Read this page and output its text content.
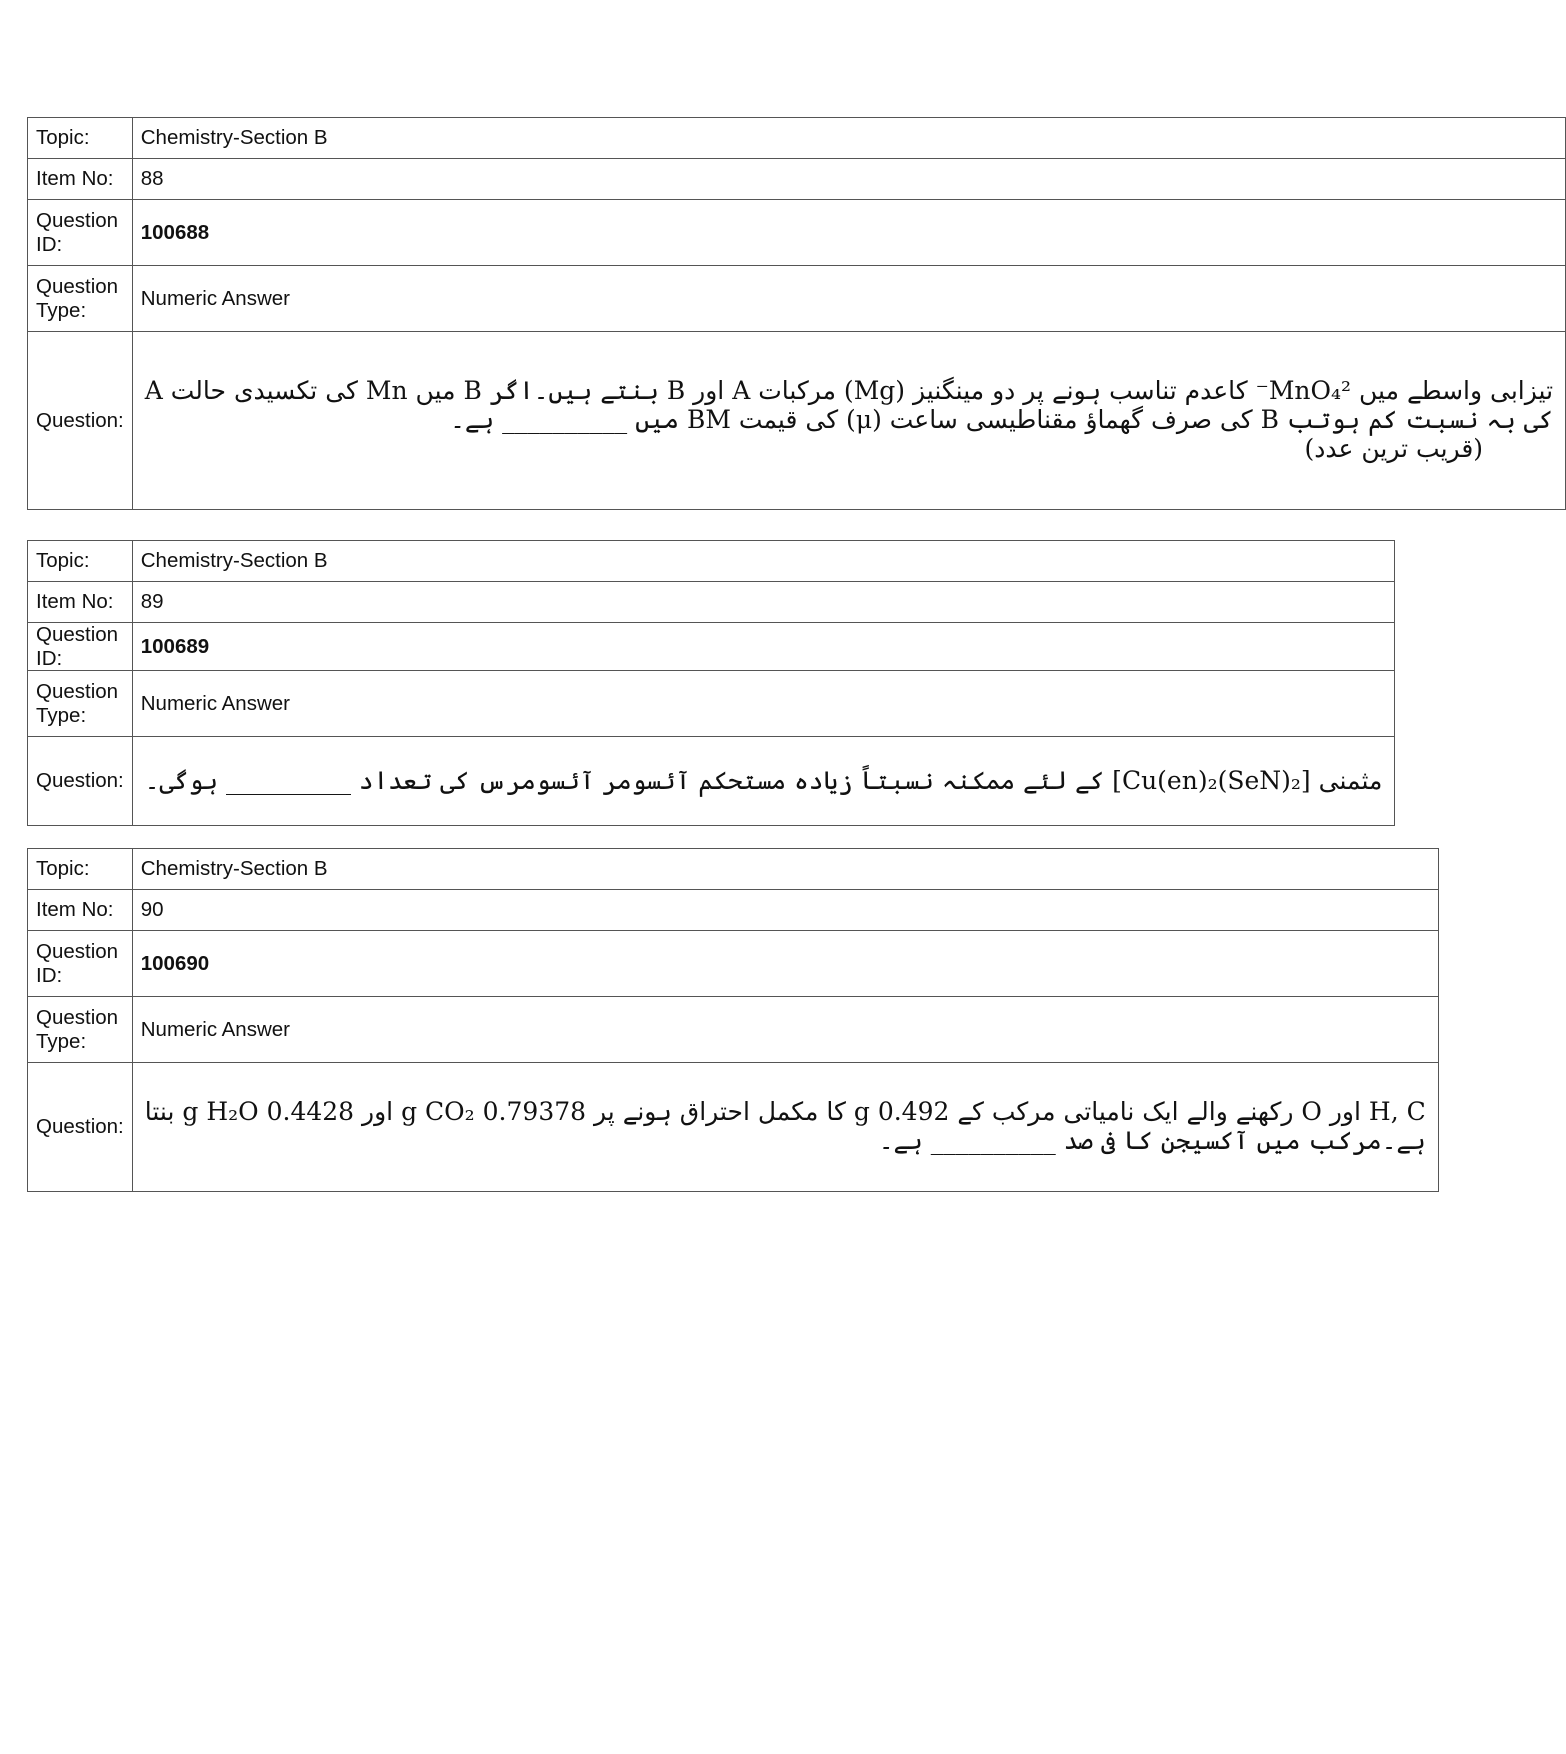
Topic:	Chemistry-Section B
Item No:	88
Question ID:	100688
Question Type:	Numeric Answer
Question:	تیزابی واسطے میں MnO₄²⁻ کاعدم تناسب ہونے پر دو مینگنیز (Mg) مرکبات A اور B بنتے ہیں۔اگر B میں Mn کی تکسیدی حالت A
کی بہ نسبت کم ہوتب B کی صرف گھماؤ مقناطیسی ساعت (μ) کی قیمت BM میں __________ ہے۔
(قریب ترین عدد)
Topic:	Chemistry-Section B
Item No:	89
Question ID:	100689
Question Type:	Numeric Answer
Question:	مثمنی [Cu(en)₂(SeN)₂] کے لئے ممکنہ نسبتاً زیادہ مستحکم آئسومر آئسومرس کی تعداد __________ ہوگی۔
Topic:	Chemistry-Section B
Item No:	90
Question ID:	100690
Question Type:	Numeric Answer
Question:	H, C اور O رکھنے والے ایک نامیاتی مرکب کے 0.492 g کا مکمل احتراق ہونے پر 0.79378 g CO₂ اور 0.4428 g H₂O بنتا
ہے۔مرکب میں آکسیجن کا فی صد __________ ہے۔
